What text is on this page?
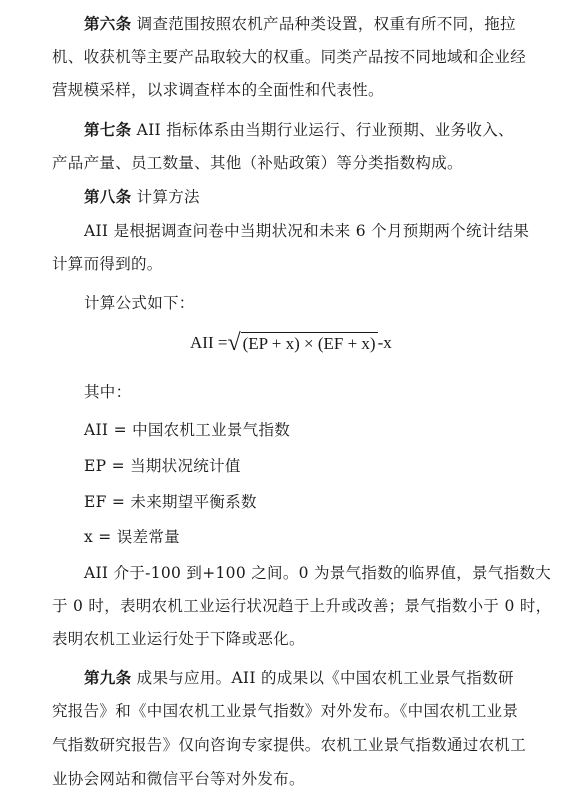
第六条 调查范围按照农机产品种类设置，权重有所不同，拖拉
机、收获机等主要产品取较大的权重。同类产品按不同地域和企业经
营规模采样，以求调查样本的全面性和代表性。
第七条 AII 指标体系由当期行业运行、行业预期、业务收入、
产品产量、员工数量、其他（补贴政策）等分类指数构成。
第八条 计算方法
AII 是根据调查问卷中当期状况和未来 6 个月预期两个统计结果
计算而得到的。
计算公式如下：
AII = √ (EP + x) × (EF + x) -x
其中：
AII = 中国农机工业景气指数
EP = 当期状况统计值
EF = 未来期望平衡系数
x = 误差常量
AII 介于-100 到+100 之间。0 为景气指数的临界值，景气指数大
于 0 时，表明农机工业运行状况趋于上升或改善；景气指数小于 0 时，
表明农机工业运行处于下降或恶化。
第九条 成果与应用。AII 的成果以《中国农机工业景气指数研
究报告》和《中国农机工业景气指数》对外发布。《中国农机工业景
气指数研究报告》仅向咨询专家提供。农机工业景气指数通过农机工
业协会网站和微信平台等对外发布。
